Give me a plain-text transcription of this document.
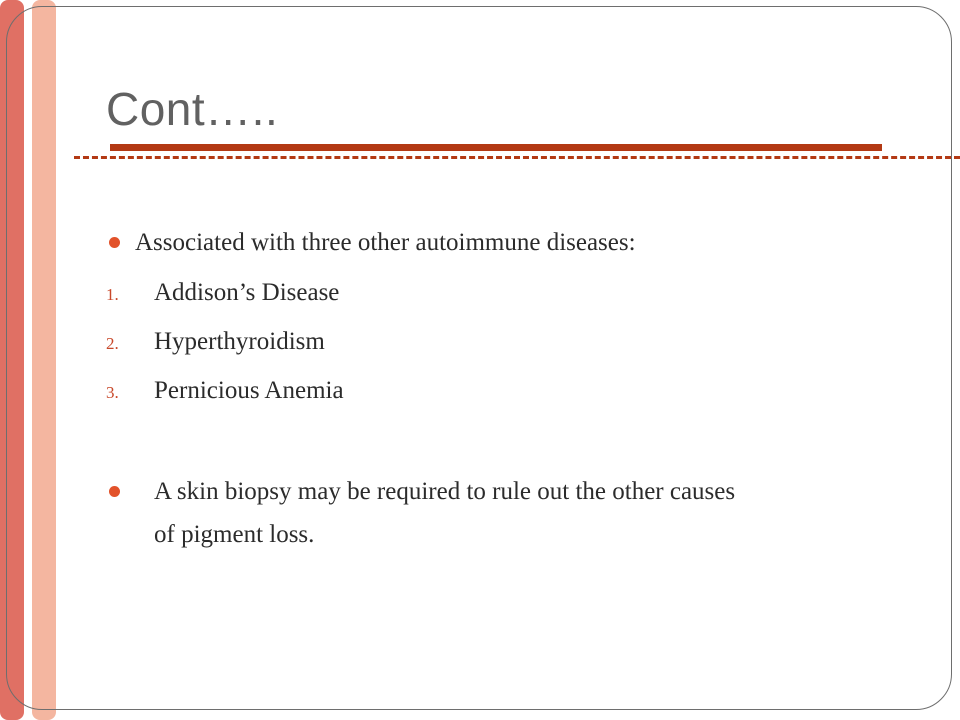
Cont…..
Associated with three other autoimmune diseases:
1. Addison’s Disease
2. Hyperthyroidism
3. Pernicious Anemia
A skin biopsy may be required to rule out the other causes
of pigment loss.
